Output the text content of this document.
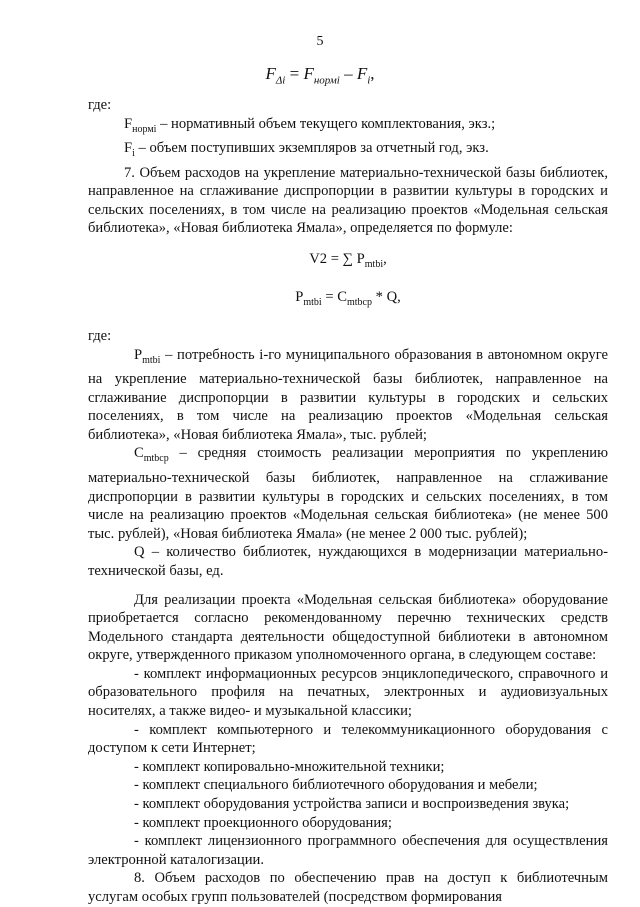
5
$F_{\Delta i} = F_{нормi} - F_i$,

где:

$F_{нормi}$ – нормативный объем текущего комплектования, экз.;

$F_i$ – объем поступивших экземпляров за отчетный год, экз.

7. Объем расходов на укрепление материально-технической базы библиотек, направленное на сглаживание диспропорции в развитии культуры в городских и сельских поселениях, в том числе на реализацию проектов «Модельная сельская библиотека», «Новая библиотека Ямала», определяется по формуле:

V2 = ∑ $P_{mtbi}$,

$P_{mtbi} = C_{mtbcp} * Q$,

где:

$P_{mtbi}$ – потребность i-го муниципального образования в автономном округе на укрепление материально-технической базы библиотек, направленное на сглаживание диспропорции в развитии культуры в городских и сельских поселениях, в том числе на реализацию проектов «Модельная сельская библиотека», «Новая библиотека Ямала», тыс. рублей;

$C_{mtbcp}$ – средняя стоимость реализации мероприятия по укреплению материально-технической базы библиотек, направленное на сглаживание диспропорции в развитии культуры в городских и сельских поселениях, в том числе на реализацию проектов «Модельная сельская библиотека» (не менее 500 тыс. рублей), «Новая библиотека Ямала» (не менее 2 000 тыс. рублей);

Q – количество библиотек, нуждающихся в модернизации материально-технической базы, ед.

Для реализации проекта «Модельная сельская библиотека» оборудование приобретается согласно рекомендованному перечню технических средств Модельного стандарта деятельности общедоступной библиотеки в автономном округе, утвержденного приказом уполномоченного органа, в следующем составе:

- комплект информационных ресурсов энциклопедического, справочного и образовательного профиля на печатных, электронных и аудиовизуальных носителях, а также видео- и музыкальной классики;

- комплект компьютерного и телекоммуникационного оборудования с доступом к сети Интернет;

- комплект копировально-множительной техники;

- комплект специального библиотечного оборудования и мебели;

- комплект оборудования устройства записи и воспроизведения звука;

- комплект проекционного оборудования;

- комплект лицензионного программного обеспечения для осуществления электронной каталогизации.

8. Объем расходов по обеспечению прав на доступ к библиотечным услугам особых групп пользователей (посредством формирования
